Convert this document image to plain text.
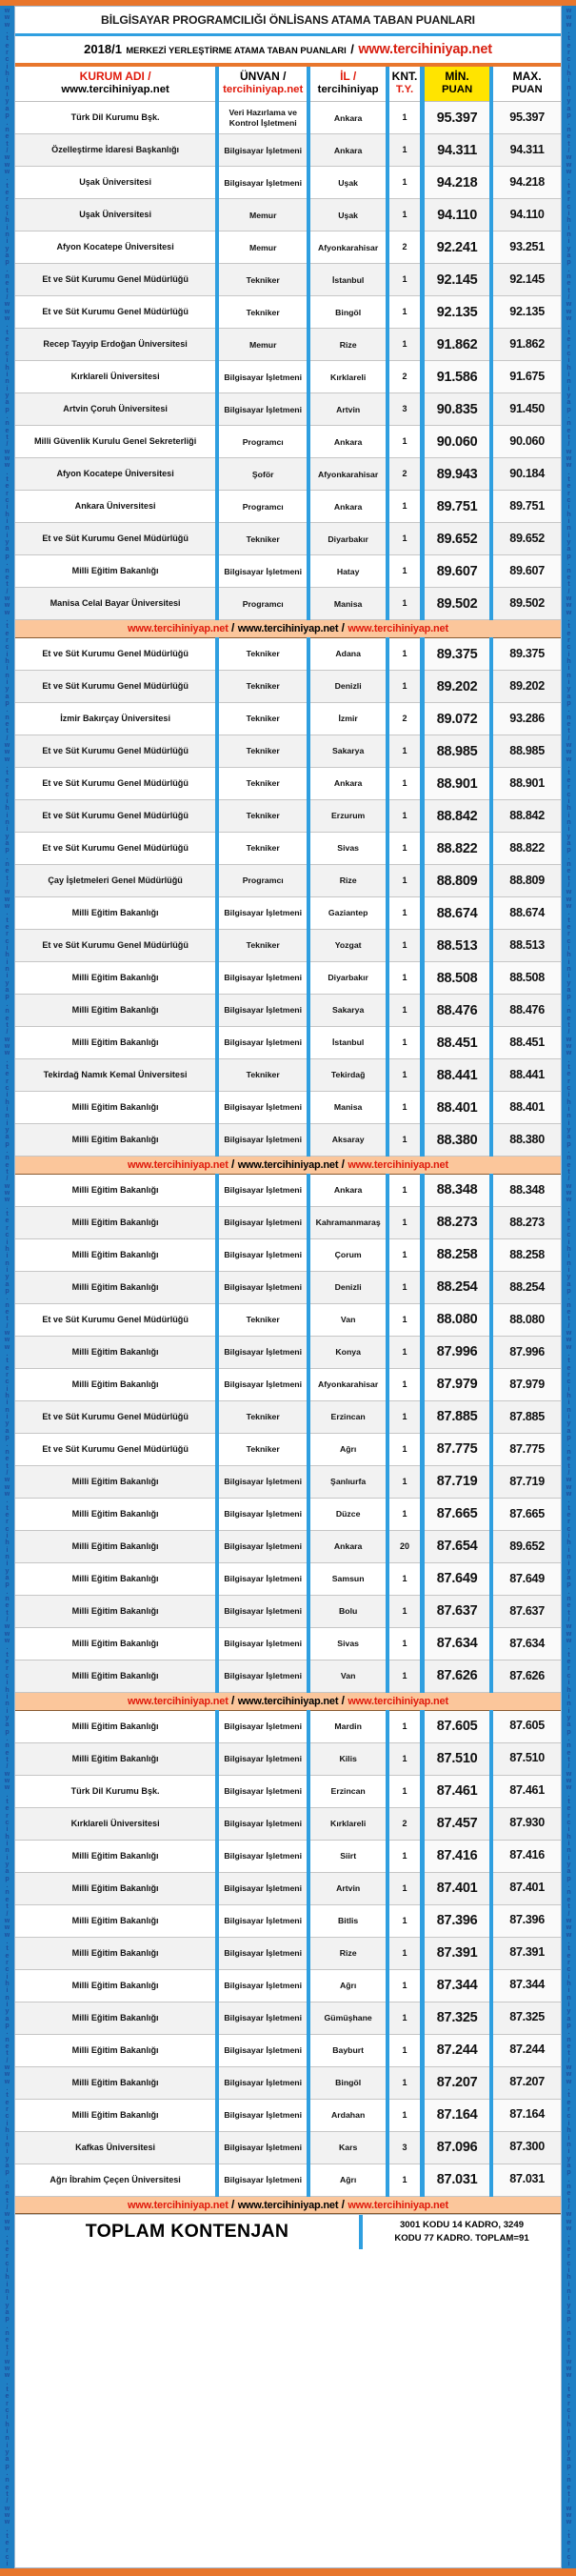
w
w
w
.
t
e
r
c
i
h
i
n
i
y
a
p
.
n
e
t
/
w
w
w
.
t
e
r
c
i
h
i
n
i
y
a
p
.
n
e
t
/
w
w
w
.
t
e
r
c
i
h
i
n
i
y
a
p
.
n
e
t
/
w
w
w
.
t
e
r
c
i
h
i
n
i
y
a
p
.
n
e
t
/
w
w
w
.
t
e
r
c
i
h
i
n
i
y
a
p
.
n
e
t
/
w
w
w
.
t
e
r
c
i
h
i
n
i
y
a
p
.
n
e
t
/
w
w
w
.
t
e
r
c
i
h
i
n
i
y
a
p
.
n
e
t
/
w
w
w
.
t
e
r
c
i
h
i
n
i
y
a
p
.
n
e
t
/
w
w
w
.
t
e
r
c
i
h
i
n
i
y
a
p
.
n
e
t
/
w
w
w
.
t
e
r
c
i
h
i
n
i
y
a
p
.
n
e
t
/
w
w
w
.
t
e
r
c
i
h
i
n
i
y
a
p
.
n
e
t
/
w
w
w
.
t
e
r
c
i
h
i
n
i
y
a
p
.
n
e
t
/
w
w
w
.
t
e
r
c
i
h
i
n
i
y
a
p
.
n
e
t
/
w
w
w
.
t
e
r
c
i
h
i
n
i
y
a
p
.
n
e
t
/
w
w
w
.
t
e
r
c
i
h
i
n
i
y
a
p
.
n
e
t
/
w
w
w
.
t
e
r
c
i
h
i
n
i
y
a
p
.
n
e
t
/
w
w
w
.
t
e
r
c
i
h
i
n
i
y
a
p
.
n
e
t
/
w
w
w
.
t
e
r
c
i
BİLGİSAYAR PROGRAMCILIĞI ÖNLİSANS ATAMA TABAN PUANLARI
2018/1 MERKEZİ YERLEŞTİRME ATAMA TABAN PUANLARI / www.tercihiniyap.net
KURUM ADI /
www.tercihiniyap.net	ÜNVAN /
tercihiniyap.net	İL /
tercihiniyap	KNT.
T.Y.	MİN.
PUAN	MAX.
PUAN

Türk Dil Kurumu Bşk.	Veri Hazırlama ve Kontrol İşletmeni	Ankara	1	95.397	95.397
Özelleştirme İdaresi Başkanlığı	Bilgisayar İşletmeni	Ankara	1	94.311	94.311
Uşak Üniversitesi	Bilgisayar İşletmeni	Uşak	1	94.218	94.218
Uşak Üniversitesi	Memur	Uşak	1	94.110	94.110
Afyon Kocatepe Üniversitesi	Memur	Afyonkarahisar	2	92.241	93.251
Et ve Süt Kurumu Genel Müdürlüğü	Tekniker	İstanbul	1	92.145	92.145
Et ve Süt Kurumu Genel Müdürlüğü	Tekniker	Bingöl	1	92.135	92.135
Recep Tayyip Erdoğan Üniversitesi	Memur	Rize	1	91.862	91.862
Kırklareli Üniversitesi	Bilgisayar İşletmeni	Kırklareli	2	91.586	91.675
Artvin Çoruh Üniversitesi	Bilgisayar İşletmeni	Artvin	3	90.835	91.450
Milli Güvenlik Kurulu Genel Sekreterliği	Programcı	Ankara	1	90.060	90.060
Afyon Kocatepe Üniversitesi	Şoför	Afyonkarahisar	2	89.943	90.184
Ankara Üniversitesi	Programcı	Ankara	1	89.751	89.751
Et ve Süt Kurumu Genel Müdürlüğü	Tekniker	Diyarbakır	1	89.652	89.652
Milli Eğitim Bakanlığı	Bilgisayar İşletmeni	Hatay	1	89.607	89.607
Manisa Celal Bayar Üniversitesi	Programcı	Manisa	1	89.502	89.502
www.tercihiniyap.net / www.tercihiniyap.net / www.tercihiniyap.net					
Et ve Süt Kurumu Genel Müdürlüğü	Tekniker	Adana	1	89.375	89.375
Et ve Süt Kurumu Genel Müdürlüğü	Tekniker	Denizli	1	89.202	89.202
İzmir Bakırçay Üniversitesi	Tekniker	İzmir	2	89.072	93.286
Et ve Süt Kurumu Genel Müdürlüğü	Tekniker	Sakarya	1	88.985	88.985
Et ve Süt Kurumu Genel Müdürlüğü	Tekniker	Ankara	1	88.901	88.901
Et ve Süt Kurumu Genel Müdürlüğü	Tekniker	Erzurum	1	88.842	88.842
Et ve Süt Kurumu Genel Müdürlüğü	Tekniker	Sivas	1	88.822	88.822
Çay İşletmeleri Genel Müdürlüğü	Programcı	Rize	1	88.809	88.809
Milli Eğitim Bakanlığı	Bilgisayar İşletmeni	Gaziantep	1	88.674	88.674
Et ve Süt Kurumu Genel Müdürlüğü	Tekniker	Yozgat	1	88.513	88.513
Milli Eğitim Bakanlığı	Bilgisayar İşletmeni	Diyarbakır	1	88.508	88.508
Milli Eğitim Bakanlığı	Bilgisayar İşletmeni	Sakarya	1	88.476	88.476
Milli Eğitim Bakanlığı	Bilgisayar İşletmeni	İstanbul	1	88.451	88.451
Tekirdağ Namık Kemal Üniversitesi	Tekniker	Tekirdağ	1	88.441	88.441
Milli Eğitim Bakanlığı	Bilgisayar İşletmeni	Manisa	1	88.401	88.401
Milli Eğitim Bakanlığı	Bilgisayar İşletmeni	Aksaray	1	88.380	88.380
www.tercihiniyap.net / www.tercihiniyap.net / www.tercihiniyap.net					
Milli Eğitim Bakanlığı	Bilgisayar İşletmeni	Ankara	1	88.348	88.348
Milli Eğitim Bakanlığı	Bilgisayar İşletmeni	Kahramanmaraş	1	88.273	88.273
Milli Eğitim Bakanlığı	Bilgisayar İşletmeni	Çorum	1	88.258	88.258
Milli Eğitim Bakanlığı	Bilgisayar İşletmeni	Denizli	1	88.254	88.254
Et ve Süt Kurumu Genel Müdürlüğü	Tekniker	Van	1	88.080	88.080
Milli Eğitim Bakanlığı	Bilgisayar İşletmeni	Konya	1	87.996	87.996
Milli Eğitim Bakanlığı	Bilgisayar İşletmeni	Afyonkarahisar	1	87.979	87.979
Et ve Süt Kurumu Genel Müdürlüğü	Tekniker	Erzincan	1	87.885	87.885
Et ve Süt Kurumu Genel Müdürlüğü	Tekniker	Ağrı	1	87.775	87.775
Milli Eğitim Bakanlığı	Bilgisayar İşletmeni	Şanlıurfa	1	87.719	87.719
Milli Eğitim Bakanlığı	Bilgisayar İşletmeni	Düzce	1	87.665	87.665
Milli Eğitim Bakanlığı	Bilgisayar İşletmeni	Ankara	20	87.654	89.652
Milli Eğitim Bakanlığı	Bilgisayar İşletmeni	Samsun	1	87.649	87.649
Milli Eğitim Bakanlığı	Bilgisayar İşletmeni	Bolu	1	87.637	87.637
Milli Eğitim Bakanlığı	Bilgisayar İşletmeni	Sivas	1	87.634	87.634
Milli Eğitim Bakanlığı	Bilgisayar İşletmeni	Van	1	87.626	87.626
www.tercihiniyap.net / www.tercihiniyap.net / www.tercihiniyap.net					
Milli Eğitim Bakanlığı	Bilgisayar İşletmeni	Mardin	1	87.605	87.605
Milli Eğitim Bakanlığı	Bilgisayar İşletmeni	Kilis	1	87.510	87.510
Türk Dil Kurumu Bşk.	Bilgisayar İşletmeni	Erzincan	1	87.461	87.461
Kırklareli Üniversitesi	Bilgisayar İşletmeni	Kırklareli	2	87.457	87.930
Milli Eğitim Bakanlığı	Bilgisayar İşletmeni	Siirt	1	87.416	87.416
Milli Eğitim Bakanlığı	Bilgisayar İşletmeni	Artvin	1	87.401	87.401
Milli Eğitim Bakanlığı	Bilgisayar İşletmeni	Bitlis	1	87.396	87.396
Milli Eğitim Bakanlığı	Bilgisayar İşletmeni	Rize	1	87.391	87.391
Milli Eğitim Bakanlığı	Bilgisayar İşletmeni	Ağrı	1	87.344	87.344
Milli Eğitim Bakanlığı	Bilgisayar İşletmeni	Gümüşhane	1	87.325	87.325
Milli Eğitim Bakanlığı	Bilgisayar İşletmeni	Bayburt	1	87.244	87.244
Milli Eğitim Bakanlığı	Bilgisayar İşletmeni	Bingöl	1	87.207	87.207
Milli Eğitim Bakanlığı	Bilgisayar İşletmeni	Ardahan	1	87.164	87.164
Kafkas Üniversitesi	Bilgisayar İşletmeni	Kars	3	87.096	87.300
Ağrı İbrahim Çeçen Üniversitesi	Bilgisayar İşletmeni	Ağrı	1	87.031	87.031
www.tercihiniyap.net / www.tercihiniyap.net / www.tercihiniyap.net					
TOPLAM KONTENJAN	3001 KODU 14 KADRO, 3249
KODU 77 KADRO. TOPLAM=91
w
w
w
.
t
e
r
c
i
h
i
n
i
y
a
p
.
n
e
t
/
w
w
w
.
t
e
r
c
i
h
i
n
i
y
a
p
.
n
e
t
/
w
w
w
.
t
e
r
c
i
h
i
n
i
y
a
p
.
n
e
t
/
w
w
w
.
t
e
r
c
i
h
i
n
i
y
a
p
.
n
e
t
/
w
w
w
.
t
e
r
c
i
h
i
n
i
y
a
p
.
n
e
t
/
w
w
w
.
t
e
r
c
i
h
i
n
i
y
a
p
.
n
e
t
/
w
w
w
.
t
e
r
c
i
h
i
n
i
y
a
p
.
n
e
t
/
w
w
w
.
t
e
r
c
i
h
i
n
i
y
a
p
.
n
e
t
/
w
w
w
.
t
e
r
c
i
h
i
n
i
y
a
p
.
n
e
t
/
w
w
w
.
t
e
r
c
i
h
i
n
i
y
a
p
.
n
e
t
/
w
w
w
.
t
e
r
c
i
h
i
n
i
y
a
p
.
n
e
t
/
w
w
w
.
t
e
r
c
i
h
i
n
i
y
a
p
.
n
e
t
/
w
w
w
.
t
e
r
c
i
h
i
n
i
y
a
p
.
n
e
t
/
w
w
w
.
t
e
r
c
i
h
i
n
i
y
a
p
.
n
e
t
/
w
w
w
.
t
e
r
c
i
h
i
n
i
y
a
p
.
n
e
t
/
w
w
w
.
t
e
r
c
i
h
i
n
i
y
a
p
.
n
e
t
/
w
w
w
.
t
e
r
c
i
h
i
n
i
y
a
p
.
n
e
t
/
w
w
w
.
t
e
r
c
i
